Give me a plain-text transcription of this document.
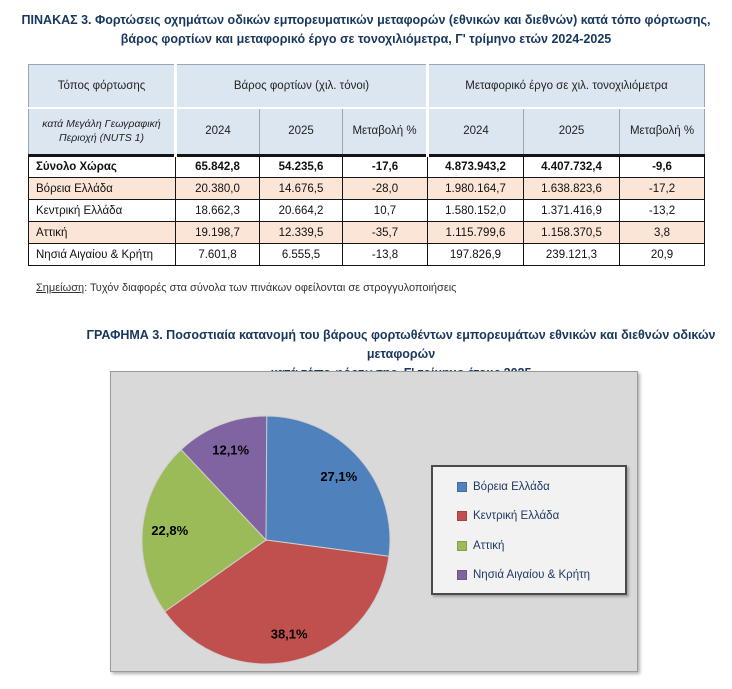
ΠΙΝΑΚΑΣ 3. Φορτώσεις οχημάτων οδικών εμπορευματικών μεταφορών (εθνικών και διεθνών) κατά τόπο φόρτωσης,
βάρος φορτίων και μεταφορικό έργο σε τονοχιλιόμετρα, Γ' τρίμηνο ετών 2024-2025
Τόπος φόρτωσης	Βάρος φορτίων (χιλ. τόνοι)			Μεταφορικό έργο σε χιλ. τονοχιλιόμετρα		
κατά Μεγάλη Γεωγραφική Περιοχή (NUTS 1)	2024	2025	Μεταβολή %	2024	2025	Μεταβολή %
Σύνολο Χώρας	65.842,8	54.235,6	-17,6	4.873.943,2	4.407.732,4	-9,6
Βόρεια Ελλάδα	20.380,0	14.676,5	-28,0	1.980.164,7	1.638.823,6	-17,2
Κεντρική Ελλάδα	18.662,3	20.664,2	10,7	1.580.152,0	1.371.416,9	-13,2
Αττική	19.198,7	12.339,5	-35,7	1.115.799,6	1.158.370,5	3,8
Νησιά Αιγαίου & Κρήτη	7.601,8	6.555,5	-13,8	197.826,9	239.121,3	20,9
Σημείωση: Τυχόν διαφορές στα σύνολα των πινάκων οφείλονται σε στρογγυλοποιήσεις
ΓΡΑΦΗΜΑ 3. Ποσοστιαία κατανομή του βάρους φορτωθέντων εμπορευμάτων εθνικών και διεθνών οδικών μεταφορών
27,1%
38,1%
22,8%
12,1%
Βόρεια Ελλάδα
Κεντρική Ελλάδα
Αττική
Νησιά Αιγαίου & Κρήτη
